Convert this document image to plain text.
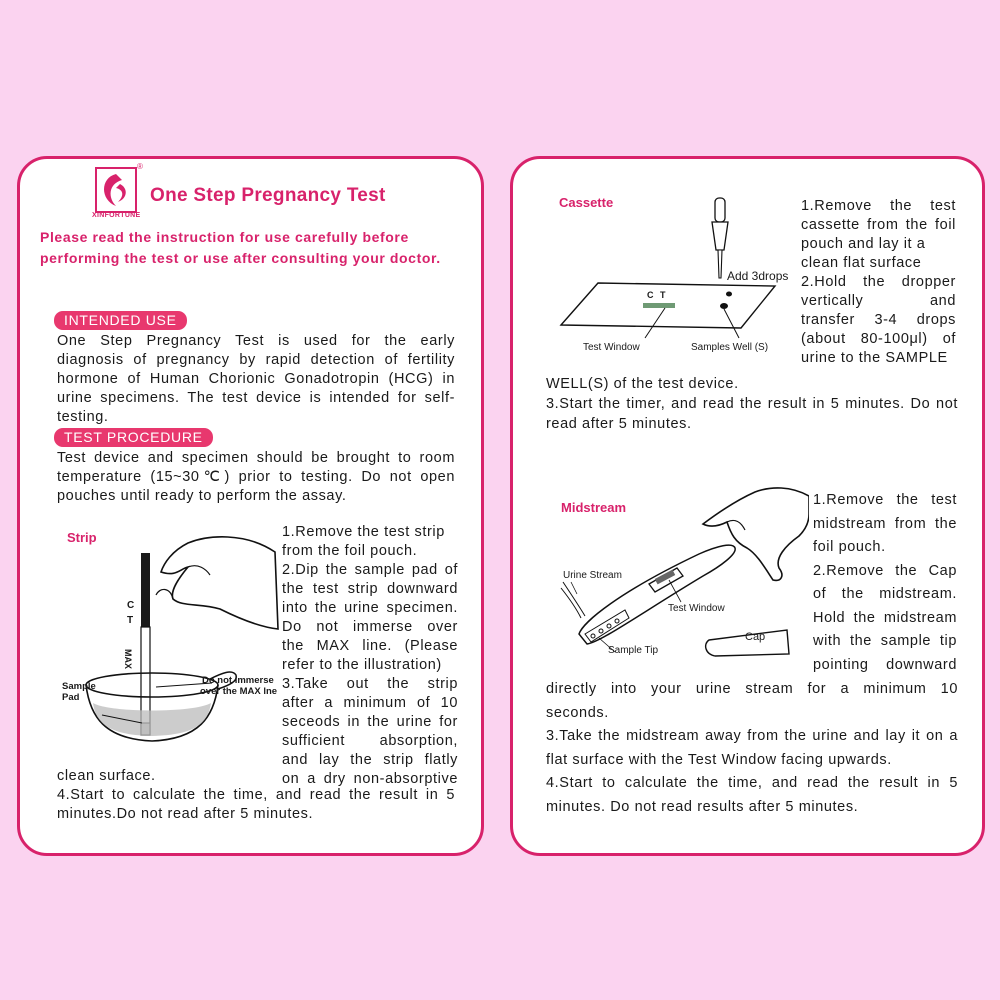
XINFORTUNE
®
One Step Pregnancy Test
Please read the instruction for use carefully before
performing the test or use after consulting your doctor.
INTENDED USE
One Step Pregnancy Test is used for the early
diagnosis of pregnancy by rapid detection of fertility
hormone of Human Chorionic Gonadotropin (HCG) in
urine specimens. The test device is intended for self-
testing.
TEST PROCEDURE
Test device and specimen should be brought to room
temperature (15~30℃) prior to testing. Do not open
pouches until ready to perform the assay.
Strip
C
T
MAX
Sample
Pad
Do not immerse
over the MAX lne
1.Remove the test strip
from the foil pouch.
2.Dip the sample pad of
the test strip downward
into the urine specimen.
Do not immerse over
the MAX line. (Please
refer to the illustration)
3.Take out the strip
after a minimum of 10
seceods in the urine for
sufficient absorption,
and lay the strip flatly
on a dry non-absorptive
clean surface.
4.Start to calculate the time, and read the result in 5
minutes.Do not read after 5 minutes.
Cassette
Add 3drops
C T
Test Window	Samples Well (S)
1.Remove the test
cassette from the foil
pouch and lay it a
clean flat surface
2.Hold the dropper
vertically and
transfer 3-4 drops
(about 80-100μl) of
urine to the SAMPLE
WELL(S) of the test device.
3.Start the timer, and read the result in 5 minutes. Do not
read after 5 minutes.
Midstream
Urine Stream
Test Window
Sample Tip
Cap
1.Remove the test
midstream from the
foil pouch.
2.Remove the Cap
of the midstream.
Hold the midstream
with the sample tip
pointing downward
directly into your urine stream for a minimum 10
seconds.
3.Take the midstream away from the urine and lay it on a
flat surface with the Test Window facing upwards.
4.Start to calculate the time, and read the result in 5
minutes. Do not read results after 5 minutes.
